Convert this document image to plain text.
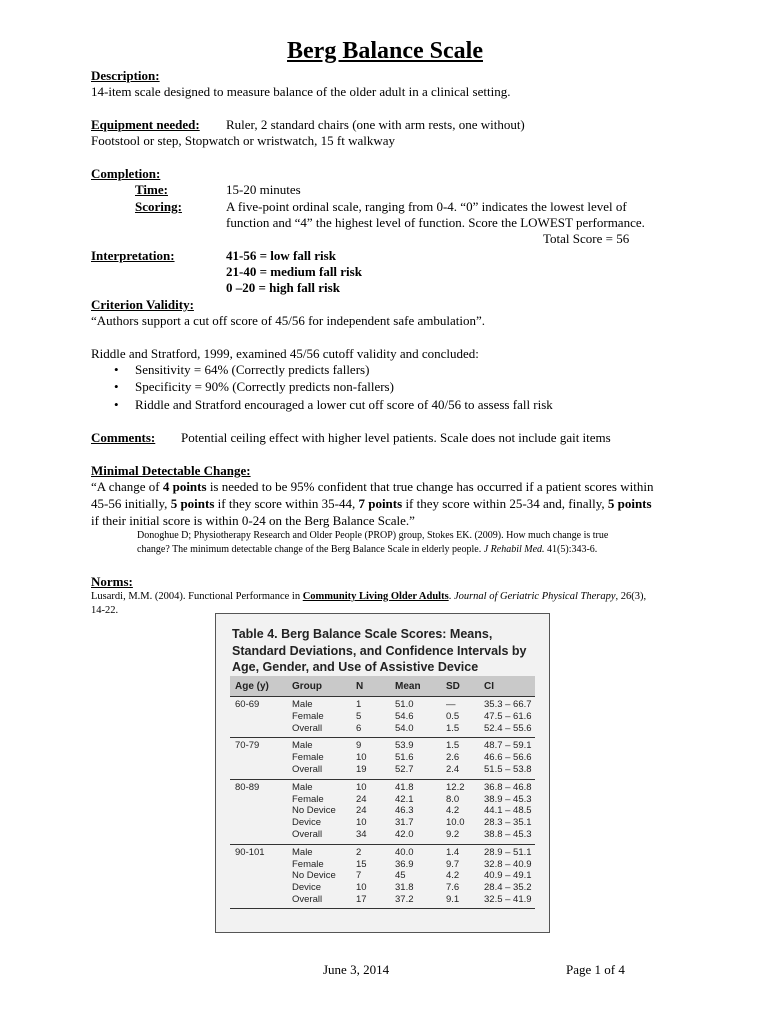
Berg Balance Scale
Description:
14-item scale designed to measure balance of the older adult in a clinical setting.
Equipment needed: Ruler, 2 standard chairs (one with arm rests, one without)
Footstool or step, Stopwatch or wristwatch, 15 ft walkway
Completion:
Time:	15-20 minutes
Scoring:	A five-point ordinal scale, ranging from 0-4. “0” indicates the lowest level of
function and “4” the highest level of function. Score the LOWEST performance.
Total Score = 56
Interpretation:	41-56 = low fall risk
21-40 = medium fall risk
0 –20 = high fall risk
Criterion Validity:
“Authors support a cut off score of 45/56 for independent safe ambulation”.
Riddle and Stratford, 1999, examined 45/56 cutoff validity and concluded:
• Sensitivity = 64% (Correctly predicts fallers)
• Specificity = 90% (Correctly predicts non-fallers)
• Riddle and Stratford encouraged a lower cut off score of 40/56 to assess fall risk
Comments: Potential ceiling effect with higher level patients. Scale does not include gait items
Minimal Detectable Change:
“A change of 4 points is needed to be 95% confident that true change has occurred if a patient scores within
45-56 initially, 5 points if they score within 35-44, 7 points if they score within 25-34 and, finally, 5 points
if their initial score is within 0-24 on the Berg Balance Scale.”
Donoghue D; Physiotherapy Research and Older People (PROP) group, Stokes EK. (2009). How much change is true
change? The minimum detectable change of the Berg Balance Scale in elderly people. J Rehabil Med. 41(5):343-6.
Norms:
Lusardi, M.M. (2004). Functional Performance in Community Living Older Adults. Journal of Geriatric Physical Therapy, 26(3),
14-22.
Table 4. Berg Balance Scale Scores: Means, Standard Deviations, and Confidence Intervals by Age, Gender, and Use of Assistive Device
Age (y) Group	N	Mean	SD CI
60-69	Male	1	51.0	—	35.3 – 66.7
Female	5	54.6	0.5	47.5 – 61.6
Overall	6	54.0	1.5	52.4 – 55.6
70-79	Male	9	53.9	1.5	48.7 – 59.1
Female	10	51.6	2.6	46.6 – 56.6
Overall	19	52.7	2.4	51.5 – 53.8
80-89	Male	10	41.8	12.2 36.8 – 46.8
Female	24	42.1	8.0	38.9 – 45.3
No Device 24	46.3	4.2	44.1 – 48.5
Device	10	31.7	10.0 28.3 – 35.1
Overall	34	42.0	9.2	38.8 – 45.3
90-101	Male	2	40.0	1.4	28.9 – 51.1
Female	15	36.9	9.7	32.8 – 40.9
No Device 7	45	4.2	40.9 – 49.1
Device	10	31.8	7.6	28.4 – 35.2
Overall	17	37.2	9.1	32.5 – 41.9
June 3, 2014	Page 1 of 4
